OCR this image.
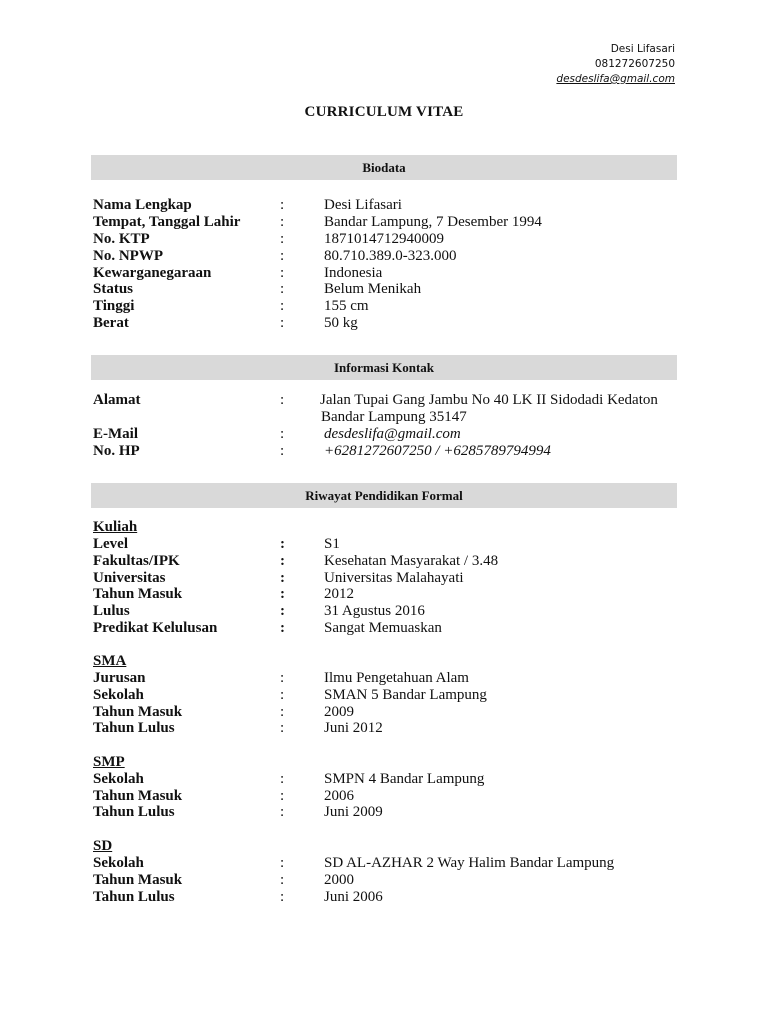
Desi Lifasari
081272607250
desdeslifa@gmail.com
CURRICULUM VITAE
Biodata
Nama Lengkap	:	Desi Lifasari
Tempat, Tanggal Lahir	:	Bandar Lampung, 7 Desember 1994
No. KTP	:	1871014712940009
No. NPWP	:	80.710.389.0-323.000
Kewarganegaraan	:	Indonesia
Status	:	Belum Menikah
Tinggi	:	155 cm
Berat	:	50 kg
Informasi Kontak
Alamat	: Jalan Tupai Gang Jambu No 40 LK II Sidodadi Kedaton
Bandar Lampung 35147
E-Mail	:	desdeslifa@gmail.com
No. HP	:	+6281272607250 / +6285789794994
Riwayat Pendidikan Formal
Kuliah
Level	:	S1
Fakultas/IPK	:	Kesehatan Masyarakat / 3.48
Universitas	:	Universitas Malahayati
Tahun Masuk	:	2012
Lulus	:	31 Agustus 2016
Predikat Kelulusan	:	Sangat Memuaskan
SMA
Jurusan	:	Ilmu Pengetahuan Alam
Sekolah	:	SMAN 5 Bandar Lampung
Tahun Masuk	:	2009
Tahun Lulus	:	Juni 2012
SMP
Sekolah	:	SMPN 4 Bandar Lampung
Tahun Masuk	:	2006
Tahun Lulus	:	Juni 2009
SD
Sekolah	:	SD AL-AZHAR 2 Way Halim Bandar Lampung
Tahun Masuk	:	2000
Tahun Lulus	:	Juni 2006
